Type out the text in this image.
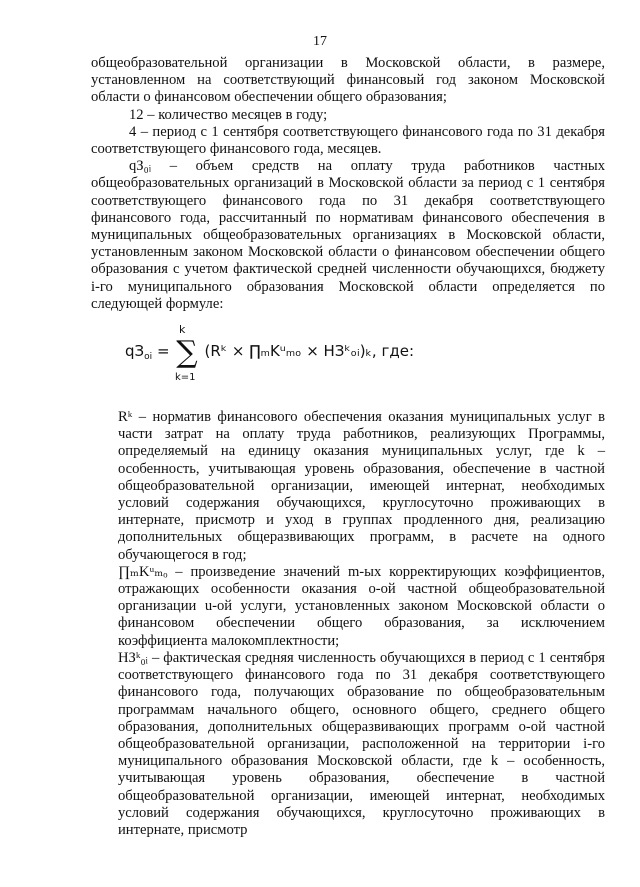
17

общеобразовательной организации в Московской области, в размере, установленном на соответствующий финансовый год законом Московской области о финансовом обеспечении общего образования;

12 – количество месяцев в году;

4 – период с 1 сентября соответствующего финансового года по 31 декабря соответствующего финансового года, месяцев.

qЗ₀ᵢ – объем средств на оплату труда работников частных общеобразовательных организаций в Московской области за период с 1 сентября соответствующего финансового года по 31 декабря соответствующего финансового года, рассчитанный по нормативам финансового обеспечения в муниципальных общеобразовательных организациях в Московской области, установленным законом Московской области о финансовом обеспечении общего образования с учетом фактической средней численности обучающихся, бюджету i-го муниципального образования Московской области определяется по следующей формуле:

k
$qЗ_{oi}$ = ∑ (Rᵏ × ∏ₘKᵘₘₒ × НЗᵏₒᵢ)ₖ, где:
k=1

Rᵏ – норматив финансового обеспечения оказания муниципальных услуг в части затрат на оплату труда работников, реализующих Программы, определяемый на единицу оказания муниципальных услуг, где k – особенность, учитывающая уровень образования, обеспечение в частной общеобразовательной организации, имеющей интернат, необходимых условий содержания обучающихся, круглосуточно проживающих в интернате, присмотр и уход в группах продленного дня, реализацию дополнительных общеразвивающих программ, в расчете на одного обучающегося в год;

∏ₘKᵘₘₒ – произведение значений m-ых корректирующих коэффициентов, отражающих особенности оказания о-ой частной общеобразовательной организации u-ой услуги, установленных законом Московской области о финансовом обеспечении общего образования, за исключением коэффициента малокомплектности;

НЗᵏ₀ᵢ – фактическая средняя численность обучающихся в период с 1 сентября соответствующего финансового года по 31 декабря соответствующего финансового года, получающих образование по общеобразовательным программам начального общего, основного общего, среднего общего образования, дополнительных общеразвивающих программ о-ой частной общеобразовательной организации, расположенной на территории i-го муниципального образования Московской области, где k – особенность, учитывающая уровень образования, обеспечение в частной общеобразовательной организации, имеющей интернат, необходимых условий содержания обучающихся, круглосуточно проживающих в интернате, присмотр
